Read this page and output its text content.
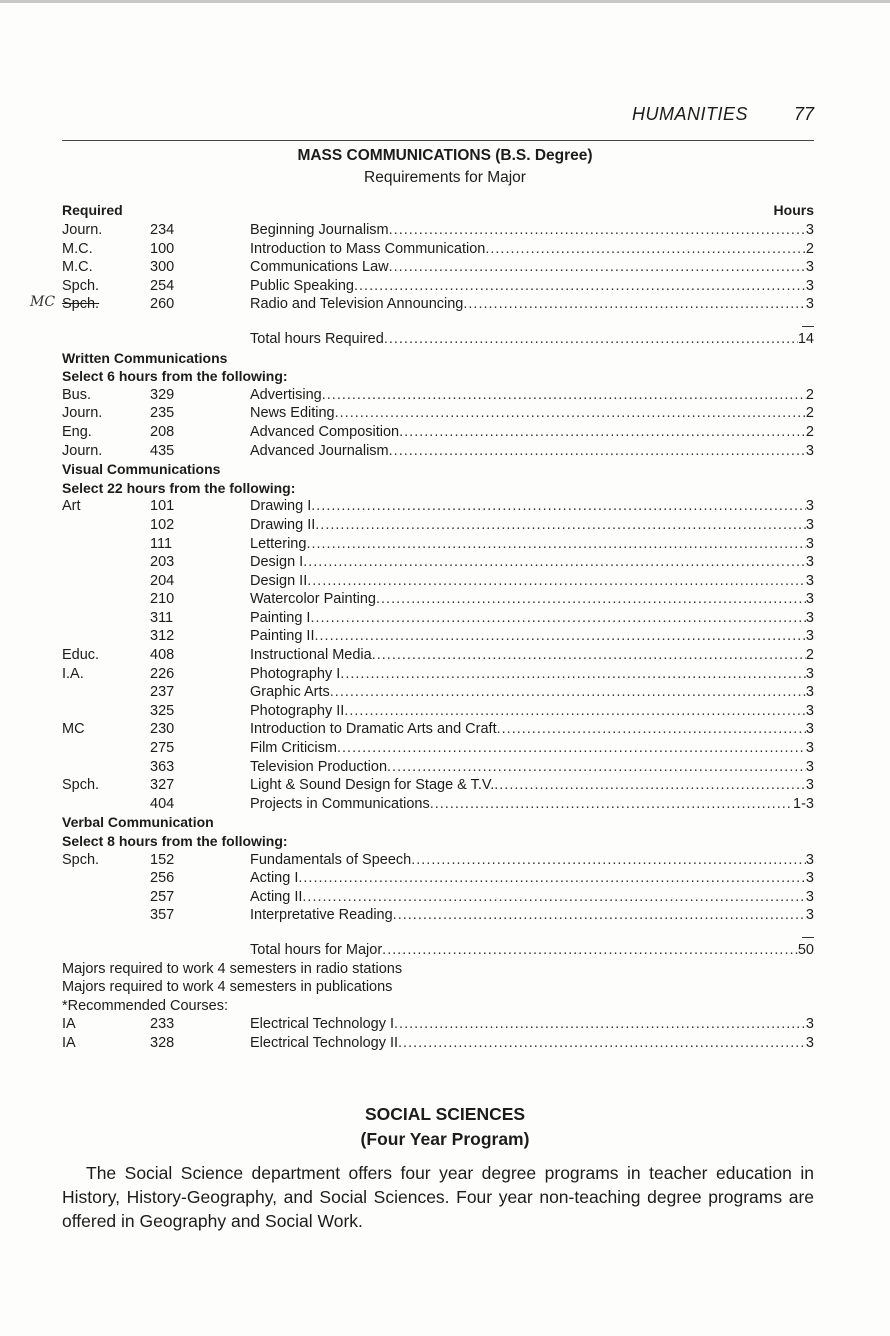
HUMANITIES	77
MASS COMMUNICATIONS (B.S. Degree)
Requirements for Major
Required	Hours
Journ.	234	Beginning Journalism .....	3
M.C.	100	Introduction to Mass Communication .....	2
M.C.	300	Communications Law .....	3
Spch.	254	Public Speaking .....	3
MC Spch.	260	Radio and Television Announcing .....	3
Total hours Required .....	14
Written Communications
Select 6 hours from the following:
Bus.	329	Advertising .....	2
Journ.	235	News Editing .....	2
Eng.	208	Advanced Composition .....	2
Journ.	435	Advanced Journalism .....	3
Visual Communications
Select 22 hours from the following:
Art	101	Drawing I .....	3
102	Drawing II .....	3
111	Lettering .....	3
203	Design I .....	3
204	Design II .....	3
210	Watercolor Painting .....	3
311	Painting I .....	3
312	Painting II .....	3
Educ.	408	Instructional Media .....	2
I.A.	226	Photography I .....	3
237	Graphic Arts .....	3
325	Photography II .....	3
MC	230	Introduction to Dramatic Arts and Craft .....	3
275	Film Criticism .....	3
363	Television Production .....	3
Spch.	327	Light & Sound Design for Stage & T.V. .....	3
404	Projects in Communications .....	1-3
Verbal Communication
Select 8 hours from the following:
Spch.	152	Fundamentals of Speech .....	3
256	Acting I .....	3
257	Acting II .....	3
357	Interpretative Reading .....	3
Total hours for Major .....	50
Majors required to work 4 semesters in radio stations
Majors required to work 4 semesters in publications
*Recommended Courses:
IA	233	Electrical Technology I .....	3
IA	328	Electrical Technology II .....	3
SOCIAL SCIENCES
(Four Year Program)
The Social Science department offers four year degree programs in teacher education in History, History-Geography, and Social Sciences. Four year non-teaching degree programs are offered in Geography and Social Work.
